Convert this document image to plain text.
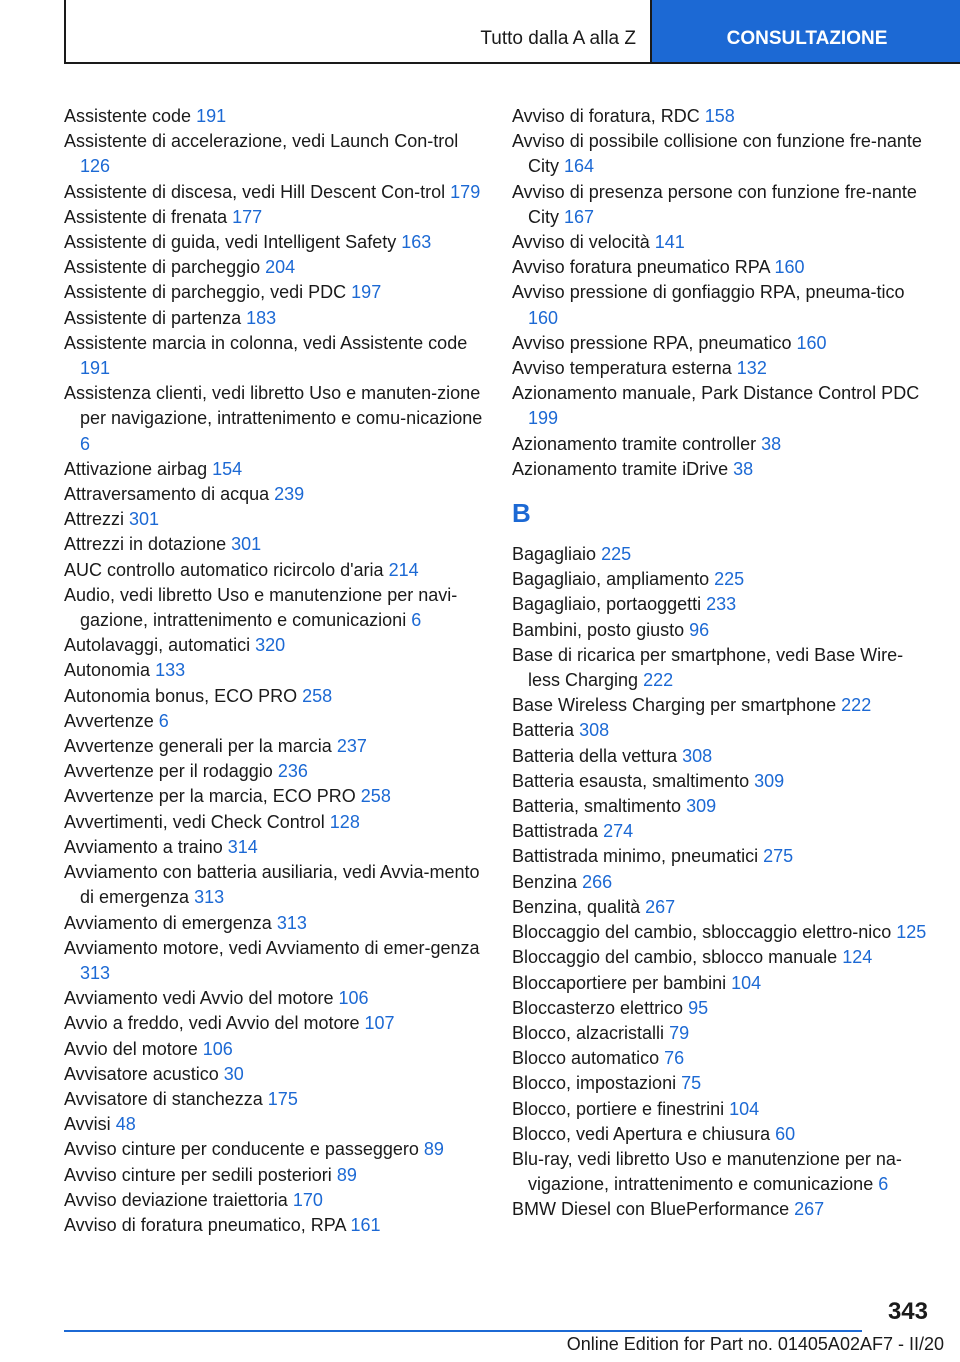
Tutto dalla A alla Z	CONSULTAZIONE
Assistente code 191
Assistente di accelerazione, vedi Launch Con‐trol 126
Assistente di discesa, vedi Hill Descent Con‐trol 179
Assistente di frenata 177
Assistente di guida, vedi Intelligent Safety 163
Assistente di parcheggio 204
Assistente di parcheggio, vedi PDC 197
Assistente di partenza 183
Assistente marcia in colonna, vedi Assistente code 191
Assistenza clienti, vedi libretto Uso e manuten‐zione per navigazione, intrattenimento e comu‐nicazione 6
Attivazione airbag 154
Attraversamento di acqua 239
Attrezzi 301
Attrezzi in dotazione 301
AUC controllo automatico ricircolo d'aria 214
Audio, vedi libretto Uso e manutenzione per navi‐gazione, intrattenimento e comunicazioni 6
Autolavaggi, automatici 320
Autonomia 133
Autonomia bonus, ECO PRO 258
Avvertenze 6
Avvertenze generali per la marcia 237
Avvertenze per il rodaggio 236
Avvertenze per la marcia, ECO PRO 258
Avvertimenti, vedi Check Control 128
Avviamento a traino 314
Avviamento con batteria ausiliaria, vedi Avvia‐mento di emergenza 313
Avviamento di emergenza 313
Avviamento motore, vedi Avviamento di emer‐genza 313
Avviamento vedi Avvio del motore 106
Avvio a freddo, vedi Avvio del motore 107
Avvio del motore 106
Avvisatore acustico 30
Avvisatore di stanchezza 175
Avvisi 48
Avviso cinture per conducente e passeggero 89
Avviso cinture per sedili posteriori 89
Avviso deviazione traiettoria 170
Avviso di foratura pneumatico, RPA 161
Avviso di foratura, RDC 158
Avviso di possibile collisione con funzione fre‐nante City 164
Avviso di presenza persone con funzione fre‐nante City 167
Avviso di velocità 141
Avviso foratura pneumatico RPA 160
Avviso pressione di gonfiaggio RPA, pneuma‐tico 160
Avviso pressione RPA, pneumatico 160
Avviso temperatura esterna 132
Azionamento manuale, Park Distance Control PDC 199
Azionamento tramite controller 38
Azionamento tramite iDrive 38
B
Bagagliaio 225
Bagagliaio, ampliamento 225
Bagagliaio, portaoggetti 233
Bambini, posto giusto 96
Base di ricarica per smartphone, vedi Base Wire‐less Charging 222
Base Wireless Charging per smartphone 222
Batteria 308
Batteria della vettura 308
Batteria esausta, smaltimento 309
Batteria, smaltimento 309
Battistrada 274
Battistrada minimo, pneumatici 275
Benzina 266
Benzina, qualità 267
Bloccaggio del cambio, sbloccaggio elettro‐nico 125
Bloccaggio del cambio, sblocco manuale 124
Bloccaportiere per bambini 104
Bloccasterzo elettrico 95
Blocco, alzacristalli 79
Blocco automatico 76
Blocco, impostazioni 75
Blocco, portiere e finestrini 104
Blocco, vedi Apertura e chiusura 60
Blu-ray, vedi libretto Uso e manutenzione per na‐vigazione, intrattenimento e comunicazione 6
BMW Diesel con BluePerformance 267
343
Online Edition for Part no. 01405A02AF7 - II/20
